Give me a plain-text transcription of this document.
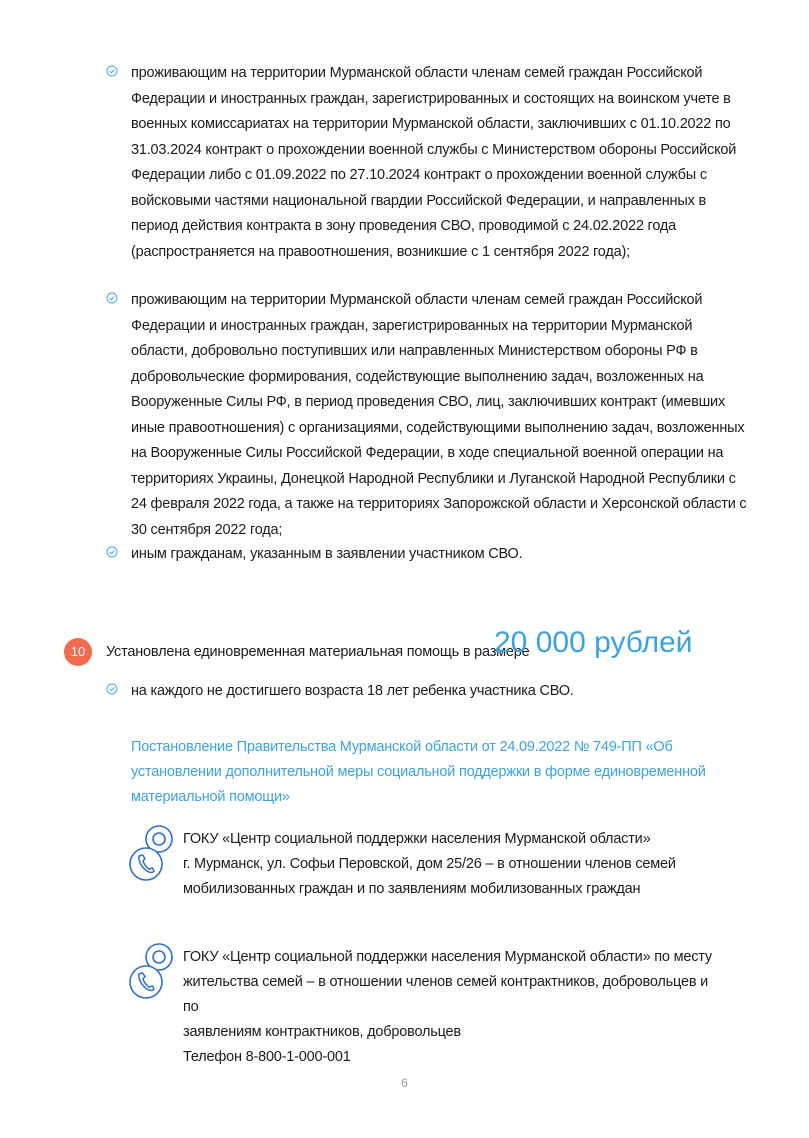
проживающим на территории Мурманской области членам семей граждан Российской Федерации и иностранных граждан, зарегистрированных и состоящих на воинском учете в военных комиссариатах на территории Мурманской области, заключивших с 01.10.2022 по 31.03.2024 контракт о прохождении военной службы с Министерством обороны Российской Федерации либо с 01.09.2022 по 27.10.2024 контракт о прохождении военной службы с войсковыми частями национальной гвардии Российской Федерации, и направленных в период действия контракта в зону проведения СВО, проводимой с 24.02.2022 года (распространяется на правоотношения, возникшие с 1 сентября 2022 года);
проживающим на территории Мурманской области членам семей граждан Российской Федерации и иностранных граждан, зарегистрированных на территории Мурманской области, добровольно поступивших или направленных Министерством обороны РФ в добровольческие формирования, содействующие выполнению задач, возложенных на Вооруженные Силы РФ, в период проведения СВО, лиц, заключивших контракт (имевших иные правоотношения) с организациями, содействующими выполнению задач, возложенных на Вооруженные Силы Российской Федерации, в ходе специальной военной операции на территориях Украины, Донецкой Народной Республики и Луганской Народной Республики с 24 февраля 2022 года, а также на территориях Запорожской области и Херсонской области с 30 сентября 2022 года;
иным гражданам, указанным в заявлении участником СВО.
10	Установлена единовременная материальная помощь в размере
20 000 рублей
на каждого не достигшего возраста 18 лет ребенка участника СВО.
Постановление Правительства Мурманской области от 24.09.2022 № 749-ПП «Об установлении дополнительной меры социальной поддержки в форме единовременной материальной помощи»
ГОКУ «Центр социальной поддержки населения Мурманской области»
г. Мурманск, ул. Софьи Перовской, дом 25/26 – в отношении членов семей
мобилизованных граждан и по заявлениям мобилизованных граждан
ГОКУ «Центр социальной поддержки населения Мурманской области» по месту
жительства семей – в отношении членов семей контрактников, добровольцев и по
заявлениям контрактников, добровольцев
Телефон 8-800-1-000-001
6
